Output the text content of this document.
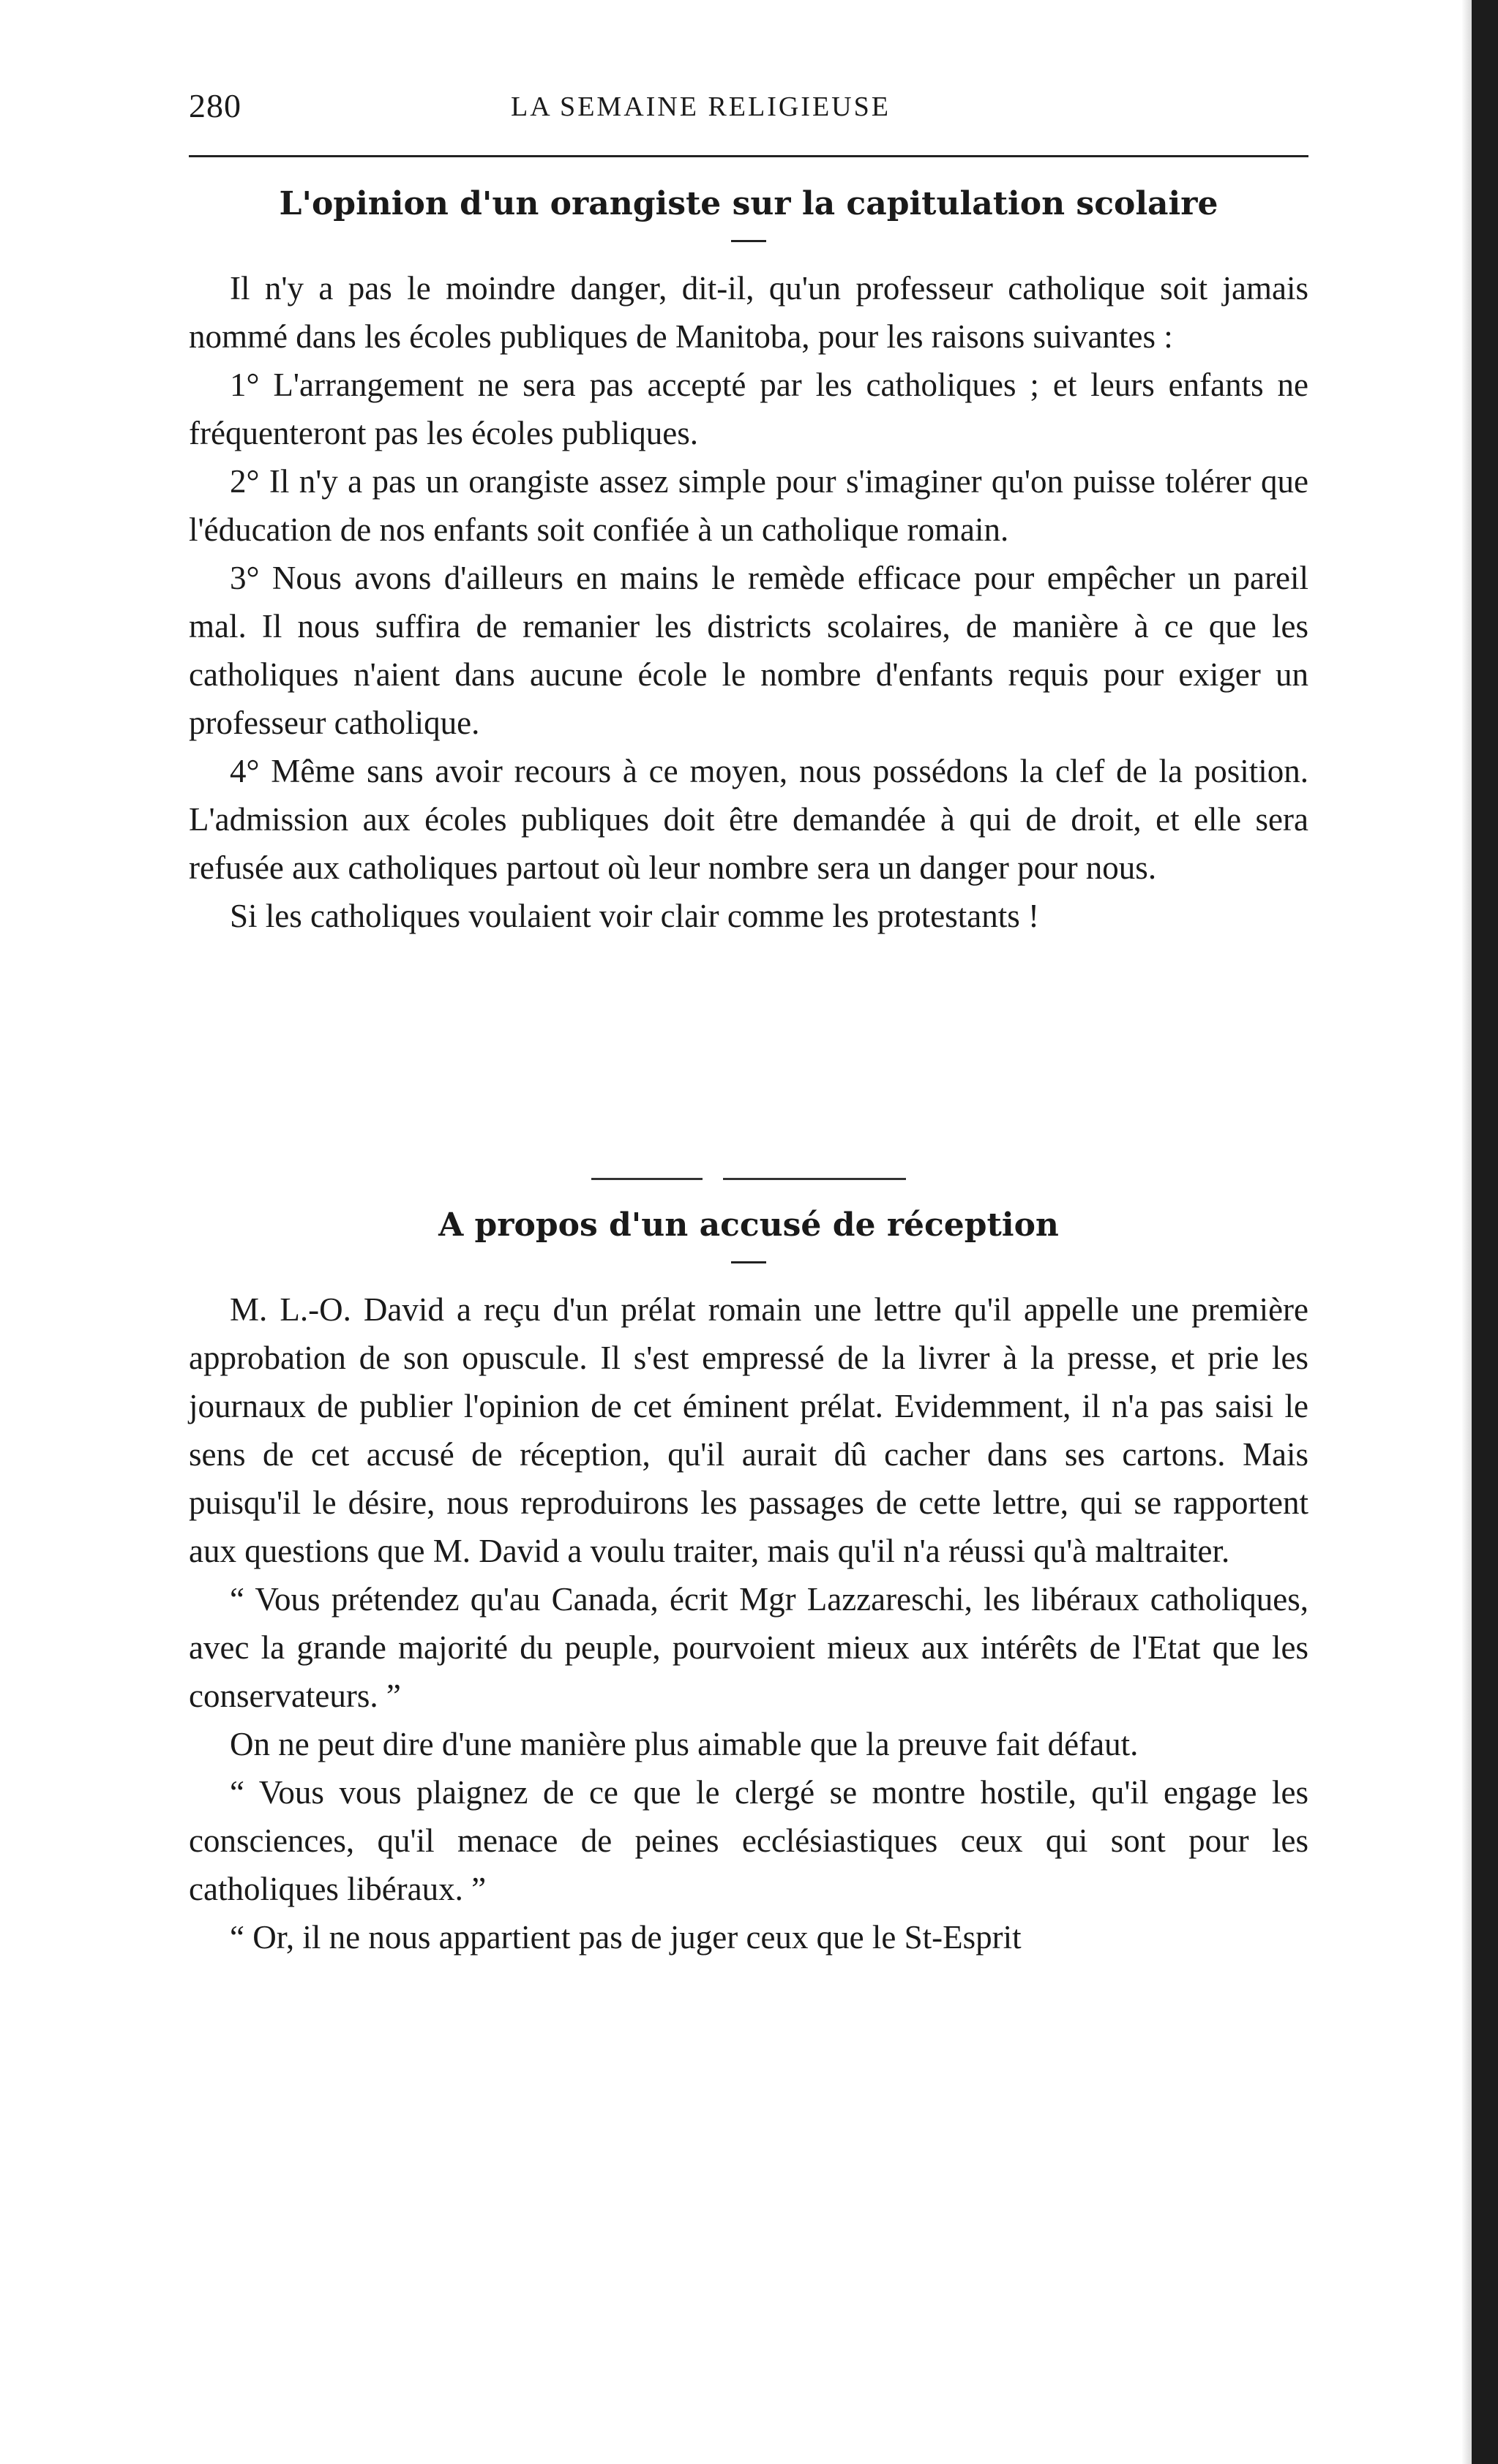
280	LA SEMAINE RELIGIEUSE
L'opinion d'un orangiste sur la capitulation scolaire

Il n'y a pas le moindre danger, dit-il, qu'un professeur catholique soit jamais nommé dans les écoles publiques de Manitoba, pour les raisons suivantes :

1° L'arrangement ne sera pas accepté par les catholiques ; et leurs enfants ne fréquenteront pas les écoles publiques.

2° Il n'y a pas un orangiste assez simple pour s'imaginer qu'on puisse tolérer que l'éducation de nos enfants soit confiée à un catholique romain.

3° Nous avons d'ailleurs en mains le remède efficace pour empêcher un pareil mal. Il nous suffira de remanier les districts scolaires, de manière à ce que les catholiques n'aient dans aucune école le nombre d'enfants requis pour exiger un professeur catholique.

4° Même sans avoir recours à ce moyen, nous possédons la clef de la position. L'admission aux écoles publiques doit être demandée à qui de droit, et elle sera refusée aux catholiques partout où leur nombre sera un danger pour nous.

Si les catholiques voulaient voir clair comme les protestants !

A propos d'un accusé de réception

M. L.-O. David a reçu d'un prélat romain une lettre qu'il appelle une première approbation de son opuscule. Il s'est empressé de la livrer à la presse, et prie les journaux de publier l'opinion de cet éminent prélat. Evidemment, il n'a pas saisi le sens de cet accusé de réception, qu'il aurait dû cacher dans ses cartons. Mais puisqu'il le désire, nous reproduirons les passages de cette lettre, qui se rapportent aux questions que M. David a voulu traiter, mais qu'il n'a réussi qu'à maltraiter.

“ Vous prétendez qu'au Canada, écrit Mgr Lazzareschi, les libéraux catholiques, avec la grande majorité du peuple, pourvoient mieux aux intérêts de l'Etat que les conservateurs. ”

On ne peut dire d'une manière plus aimable que la preuve fait défaut.

“ Vous vous plaignez de ce que le clergé se montre hostile, qu'il engage les consciences, qu'il menace de peines ecclésiastiques ceux qui sont pour les catholiques libéraux. ”

“ Or, il ne nous appartient pas de juger ceux que le St-Esprit
